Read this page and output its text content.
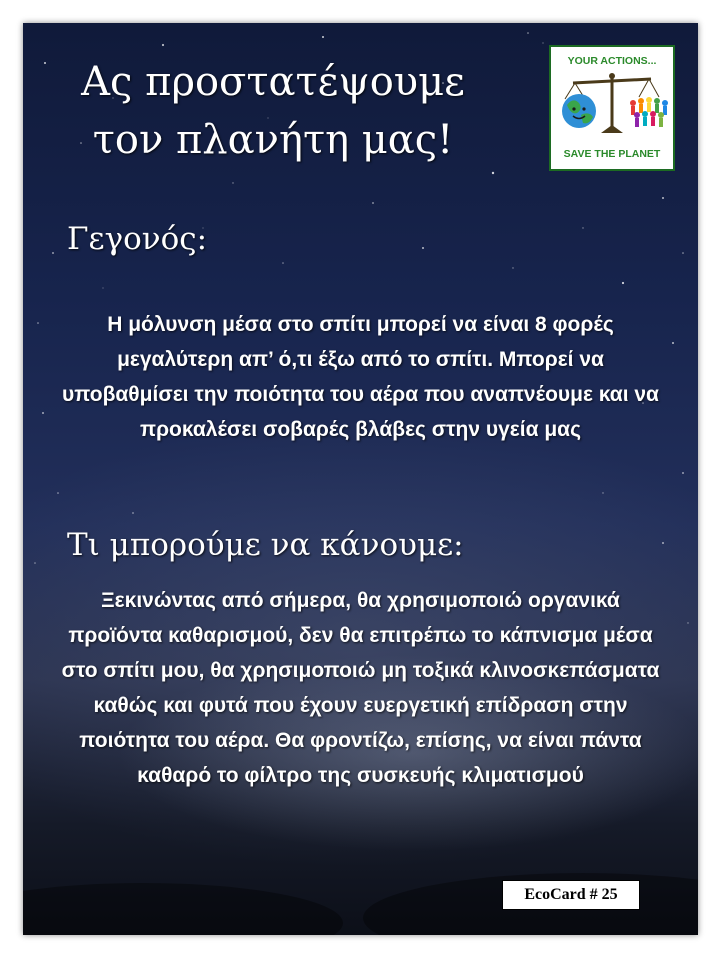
Ας προστατέψουμε
τον πλανήτη μας!
YOUR ACTIONS...
SAVE THE PLANET
Γεγονός:
Η μόλυνση μέσα στο σπίτι μπορεί να είναι 8 φορές μεγαλύτερη απ’ ό,τι έξω από το σπίτι. Μπορεί να υποβαθμίσει την ποιότητα του αέρα που αναπνέουμε και να προκαλέσει σοβαρές βλάβες στην υγεία μας
Τι μπορούμε να κάνουμε:
Ξεκινώντας από σήμερα, θα χρησιμοποιώ οργανικά προϊόντα καθαρισμού, δεν θα επιτρέπω το κάπνισμα μέσα στο σπίτι μου, θα χρησιμοποιώ μη τοξικά κλινοσκεπάσματα καθώς και φυτά που έχουν ευεργετική επίδραση στην ποιότητα του αέρα. Θα φροντίζω, επίσης, να είναι πάντα καθαρό το φίλτρο της συσκευής κλιματισμού
EcoCard # 25
